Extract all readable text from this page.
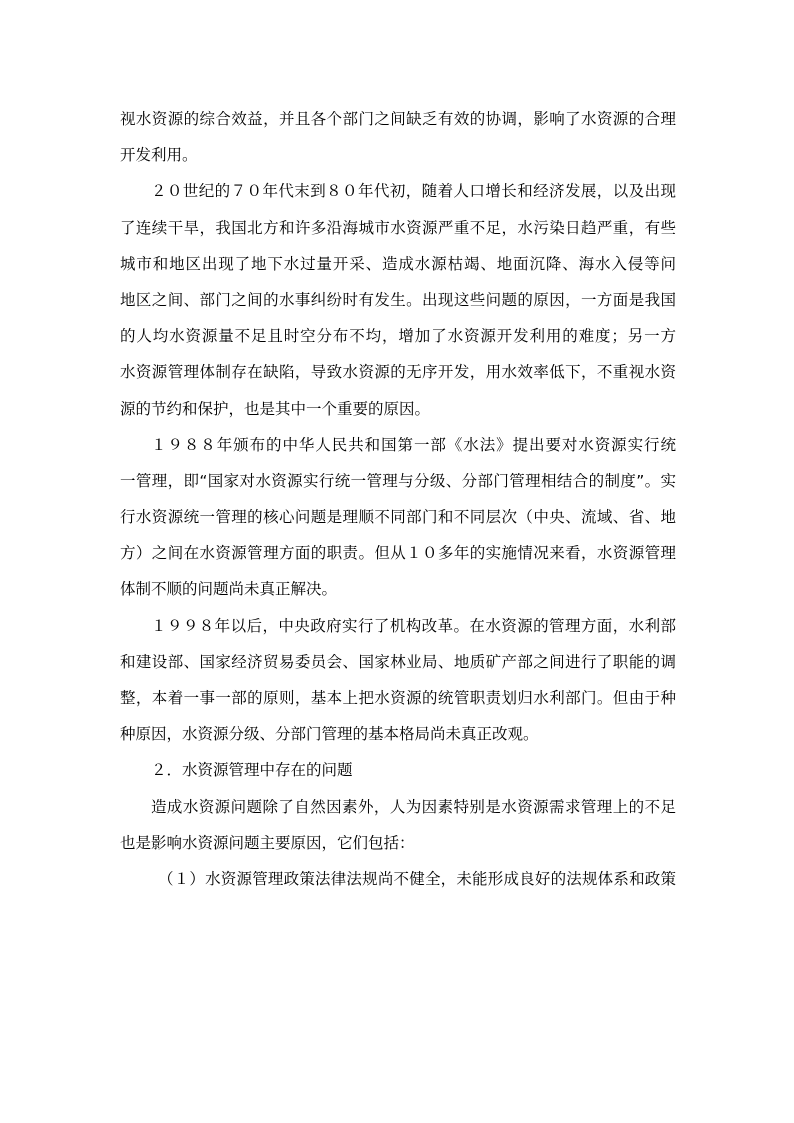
视水资源的综合效益，并且各个部门之间缺乏有效的协调，影响了水资源的合理
开发利用。
２０世纪的７０年代末到８０年代初，随着人口增长和经济发展，以及出现
了连续干旱，我国北方和许多沿海城市水资源严重不足，水污染日趋严重，有些
城市和地区出现了地下水过量开采、造成水源枯竭、地面沉降、海水入侵等问
地区之间、部门之间的水事纠纷时有发生。出现这些问题的原因，一方面是我国
的人均水资源量不足且时空分布不均，增加了水资源开发利用的难度；另一方
水资源管理体制存在缺陷，导致水资源的无序开发，用水效率低下，不重视水资
源的节约和保护，也是其中一个重要的原因。
１９８８年颁布的中华人民共和国第一部《水法》提出要对水资源实行统
一管理，即“国家对水资源实行统一管理与分级、分部门管理相结合的制度”。实
行水资源统一管理的核心问题是理顺不同部门和不同层次（中央、流域、省、地
方）之间在水资源管理方面的职责。但从１０多年的实施情况来看，水资源管理
体制不顺的问题尚未真正解决。
１９９８年以后，中央政府实行了机构改革。在水资源的管理方面，水利部
和建设部、国家经济贸易委员会、国家林业局、地质矿产部之间进行了职能的调
整，本着一事一部的原则，基本上把水资源的统管职责划归水利部门。但由于种
种原因，水资源分级、分部门管理的基本格局尚未真正改观。
２．水资源管理中存在的问题
造成水资源问题除了自然因素外，人为因素特别是水资源需求管理上的不足
也是影响水资源问题主要原因，它们包括：
（１）水资源管理政策法律法规尚不健全，未能形成良好的法规体系和政策
